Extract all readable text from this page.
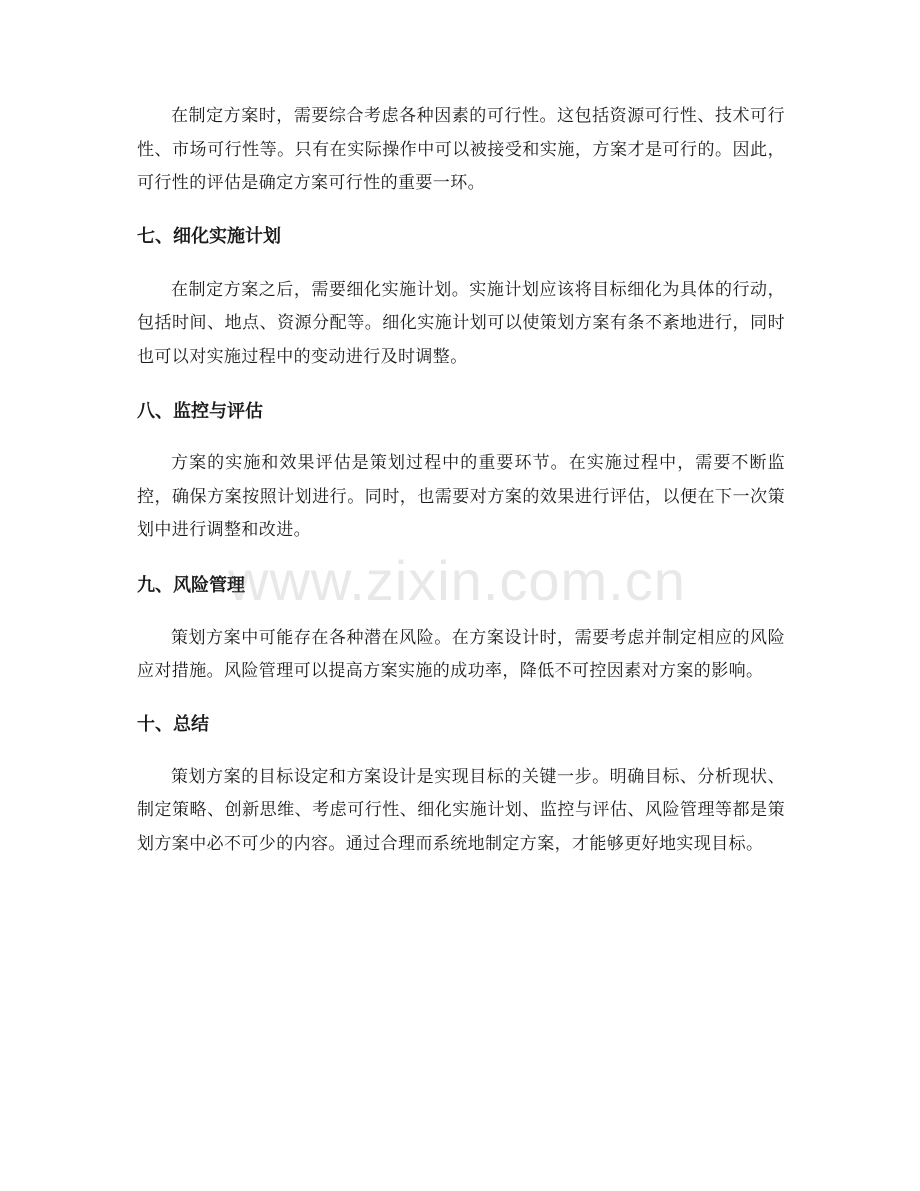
在制定方案时，需要综合考虑各种因素的可行性。这包括资源可行性、技术可行性、市场可行性等。只有在实际操作中可以被接受和实施，方案才是可行的。因此，可行性的评估是确定方案可行性的重要一环。

七、细化实施计划

在制定方案之后，需要细化实施计划。实施计划应该将目标细化为具体的行动，包括时间、地点、资源分配等。细化实施计划可以使策划方案有条不紊地进行，同时也可以对实施过程中的变动进行及时调整。

八、监控与评估

方案的实施和效果评估是策划过程中的重要环节。在实施过程中，需要不断监控，确保方案按照计划进行。同时，也需要对方案的效果进行评估，以便在下一次策划中进行调整和改进。

九、风险管理

策划方案中可能存在各种潜在风险。在方案设计时，需要考虑并制定相应的风险应对措施。风险管理可以提高方案实施的成功率，降低不可控因素对方案的影响。

十、总结

策划方案的目标设定和方案设计是实现目标的关键一步。明确目标、分析现状、制定策略、创新思维、考虑可行性、细化实施计划、监控与评估、风险管理等都是策划方案中必不可少的内容。通过合理而系统地制定方案，才能够更好地实现目标。

www.zixin.com.cn
